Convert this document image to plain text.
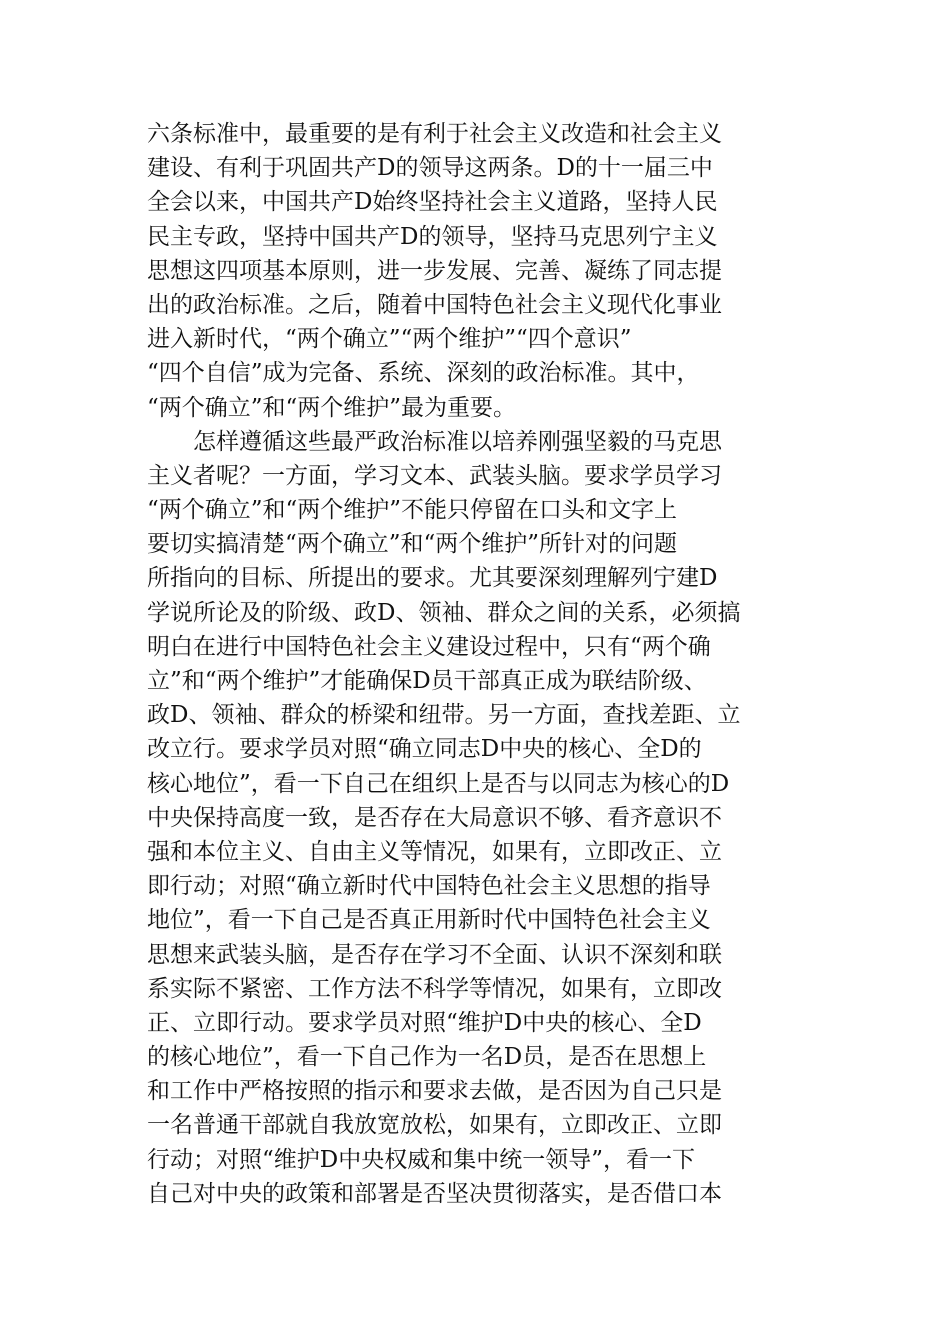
六条标准中，最重要的是有利于社会主义改造和社会主义
建设、有利于巩固共产D的领导这两条。D的十一届三中
全会以来，中国共产D始终坚持社会主义道路，坚持人民
民主专政，坚持中国共产D的领导，坚持马克思列宁主义
思想这四项基本原则，进一步发展、完善、凝练了同志提
出的政治标准。之后，随着中国特色社会主义现代化事业
进入新时代，“两个确立”“两个维护”“四个意识”
“四个自信”成为完备、系统、深刻的政治标准。其中，
“两个确立”和“两个维护”最为重要。
　　怎样遵循这些最严政治标准以培养刚强坚毅的马克思
主义者呢？一方面，学习文本、武装头脑。要求学员学习
“两个确立”和“两个维护”不能只停留在口头和文字上
要切实搞清楚“两个确立”和“两个维护”所针对的问题
所指向的目标、所提出的要求。尤其要深刻理解列宁建D
学说所论及的阶级、政D、领袖、群众之间的关系，必须搞
明白在进行中国特色社会主义建设过程中，只有“两个确
立”和“两个维护”才能确保D员干部真正成为联结阶级、
政D、领袖、群众的桥梁和纽带。另一方面，查找差距、立
改立行。要求学员对照“确立同志D中央的核心、全D的
核心地位”，看一下自己在组织上是否与以同志为核心的D
中央保持高度一致，是否存在大局意识不够、看齐意识不
强和本位主义、自由主义等情况，如果有，立即改正、立
即行动；对照“确立新时代中国特色社会主义思想的指导
地位”，看一下自己是否真正用新时代中国特色社会主义
思想来武装头脑，是否存在学习不全面、认识不深刻和联
系实际不紧密、工作方法不科学等情况，如果有，立即改
正、立即行动。要求学员对照“维护D中央的核心、全D
的核心地位”，看一下自己作为一名D员，是否在思想上
和工作中严格按照的指示和要求去做，是否因为自己只是
一名普通干部就自我放宽放松，如果有，立即改正、立即
行动；对照“维护D中央权威和集中统一领导”，看一下
自己对中央的政策和部署是否坚决贯彻落实，是否借口本
